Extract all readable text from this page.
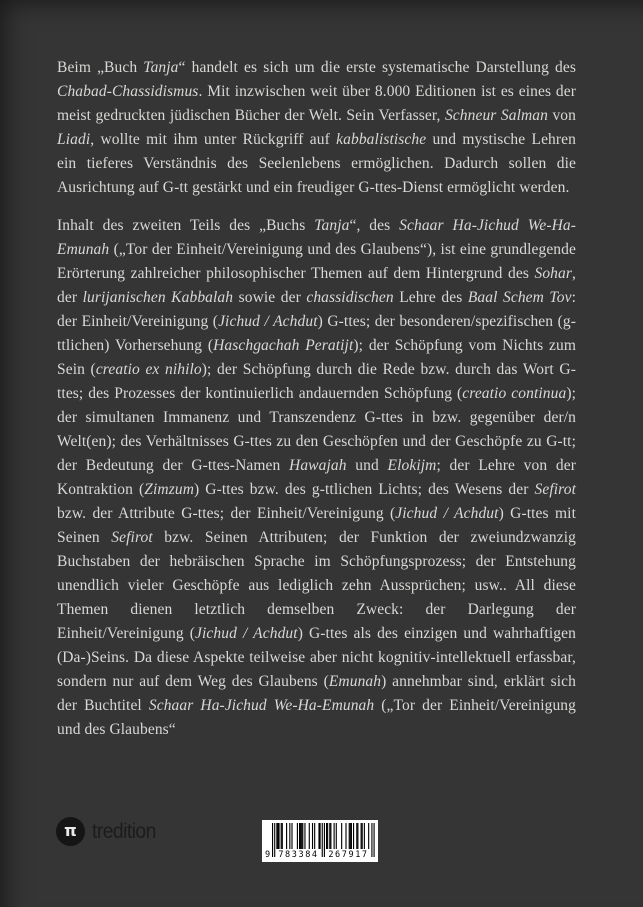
Beim „Buch Tanja“ handelt es sich um die erste systematische Darstellung des Chabad-Chassidismus. Mit inzwischen weit über 8.000 Editionen ist es eines der meist gedruckten jüdischen Bücher der Welt. Sein Verfasser, Schneur Salman von Liadi, wollte mit ihm unter Rückgriff auf kabbalistische und mystische Lehren ein tieferes Verständnis des Seelenlebens ermöglichen. Dadurch sollen die Ausrichtung auf G-tt gestärkt und ein freudiger G-ttes-Dienst ermöglicht werden.

Inhalt des zweiten Teils des „Buchs Tanja“, des Schaar Ha-Jichud We-Ha-Emunah („Tor der Einheit/Vereinigung und des Glaubens“), ist eine grundlegende Erörterung zahlreicher philosophischer Themen auf dem Hintergrund des Sohar, der lurijanischen Kabbalah sowie der chassidischen Lehre des Baal Schem Tov: der Einheit/Vereinigung (Jichud / Achdut) G-ttes; der besonderen/spezifischen (g-ttlichen) Vorhersehung (Haschgachah Peratijt); der Schöpfung vom Nichts zum Sein (creatio ex nihilo); der Schöpfung durch die Rede bzw. durch das Wort G-ttes; des Prozesses der kontinuierlich andauernden Schöpfung (creatio continua); der simultanen Immanenz und Transzendenz G-ttes in bzw. gegenüber der/n Welt(en); des Verhältnisses G-ttes zu den Geschöpfen und der Geschöpfe zu G-tt; der Bedeutung der G-ttes-Namen Hawajah und Elokijm; der Lehre von der Kontraktion (Zimzum) G-ttes bzw. des g-ttlichen Lichts; des Wesens der Sefirot bzw. der Attribute G-ttes; der Einheit/Vereinigung (Jichud / Achdut) G-ttes mit Seinen Sefirot bzw. Seinen Attributen; der Funktion der zweiundzwanzig Buchstaben der hebräischen Sprache im Schöpfungsprozess; der Entstehung unendlich vieler Geschöpfe aus lediglich zehn Aussprüchen; usw.. All diese Themen dienen letztlich demselben Zweck: der Darlegung der Einheit/Vereinigung (Jichud / Achdut) G-ttes als des einzigen und wahrhaftigen (Da-)Seins. Da diese Aspekte teilweise aber nicht kognitiv-intellektuell erfassbar, sondern nur auf dem Weg des Glaubens (Emunah) annehmbar sind, erklärt sich der Buchtitel Schaar Ha-Jichud We-Ha-Emunah („Tor der Einheit/Vereinigung und des Glaubens“

π tredition
9 783384 267917
